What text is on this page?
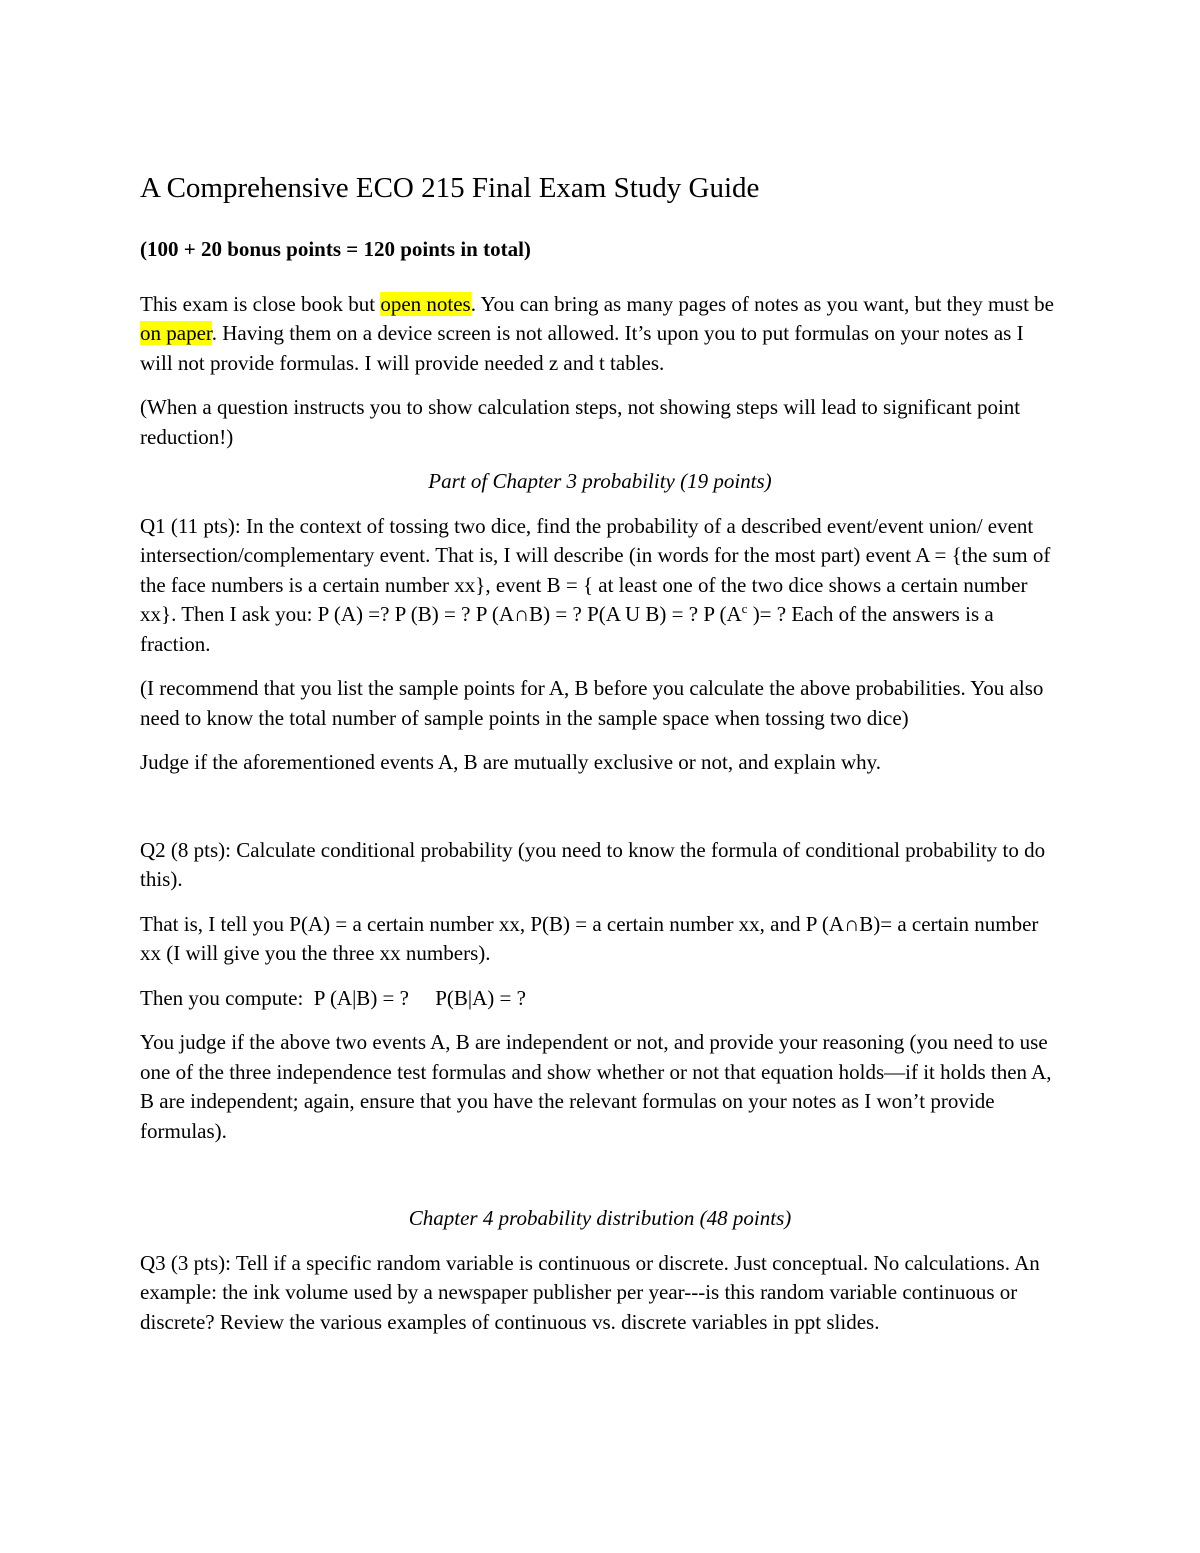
A Comprehensive ECO 215 Final Exam Study Guide

(100 + 20 bonus points = 120 points in total)

This exam is close book but open notes. You can bring as many pages of notes as you want, but they must be on paper. Having them on a device screen is not allowed. It’s upon you to put formulas on your notes as I will not provide formulas. I will provide needed z and t tables.

(When a question instructs you to show calculation steps, not showing steps will lead to significant point reduction!)

Part of Chapter 3 probability (19 points)

Q1 (11 pts): In the context of tossing two dice, find the probability of a described event/event union/ event intersection/complementary event. That is, I will describe (in words for the most part) event A = {the sum of the face numbers is a certain number xx}, event B = { at least one of the two dice shows a certain number xx}. Then I ask you: P (A) =? P (B) = ? P (A∩B) = ? P(A U B) = ? P ($A^c$ )= ? Each of the answers is a fraction.

(I recommend that you list the sample points for A, B before you calculate the above probabilities. You also need to know the total number of sample points in the sample space when tossing two dice)

Judge if the aforementioned events A, B are mutually exclusive or not, and explain why.

Q2 (8 pts): Calculate conditional probability (you need to know the formula of conditional probability to do this).

That is, I tell you P(A) = a certain number xx, P(B) = a certain number xx, and P (A∩B)= a certain number xx (I will give you the three xx numbers).

Then you compute:  P (A|B) = ?     P(B|A) = ?

You judge if the above two events A, B are independent or not, and provide your reasoning (you need to use one of the three independence test formulas and show whether or not that equation holds—if it holds then A, B are independent; again, ensure that you have the relevant formulas on your notes as I won’t provide formulas).

Chapter 4 probability distribution (48 points)

Q3 (3 pts): Tell if a specific random variable is continuous or discrete. Just conceptual. No calculations. An example: the ink volume used by a newspaper publisher per year---is this random variable continuous or discrete? Review the various examples of continuous vs. discrete variables in ppt slides.
